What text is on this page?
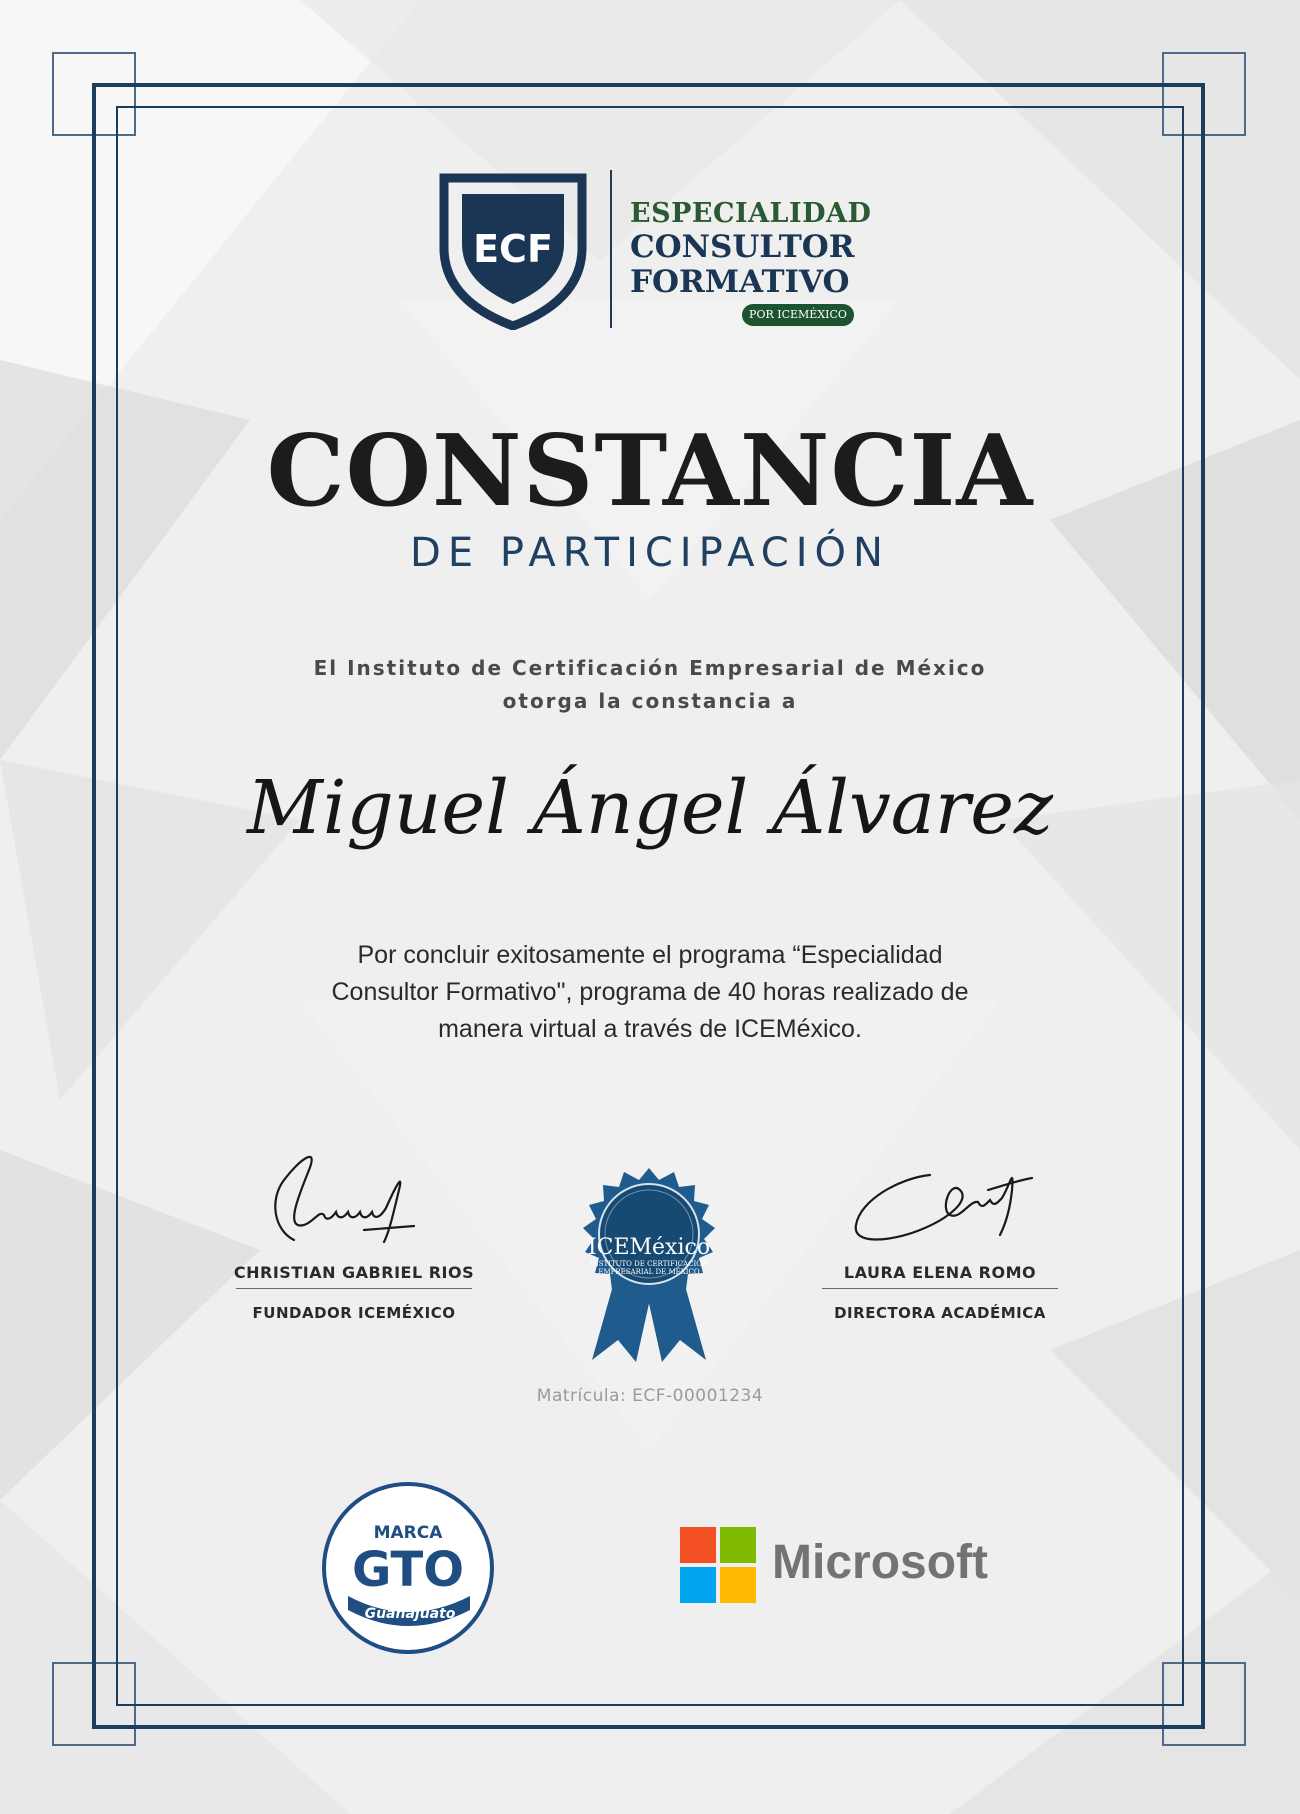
ECF
ESPECIALIDAD
CONSULTOR
FORMATIVO
POR ICEMÉXICO
CONSTANCIA
DE PARTICIPACIÓN
El Instituto de Certificación Empresarial de México
otorga la constancia a
Miguel Ángel Álvarez
Por concluir exitosamente el programa “Especialidad
Consultor Formativo", programa de 40 horas realizado de
manera virtual a través de ICEMéxico.
CHRISTIAN GABRIEL RIOS
FUNDADOR ICEMÉXICO
LAURA ELENA ROMO
DIRECTORA ACADÉMICA
ICEMéxico
INSTITUTO DE CERTIFICACIÓN
EMPRESARIAL DE MÉXICO
Matrícula: ECF-00001234
MARCA
GTO
Guanajuato
Microsoft
